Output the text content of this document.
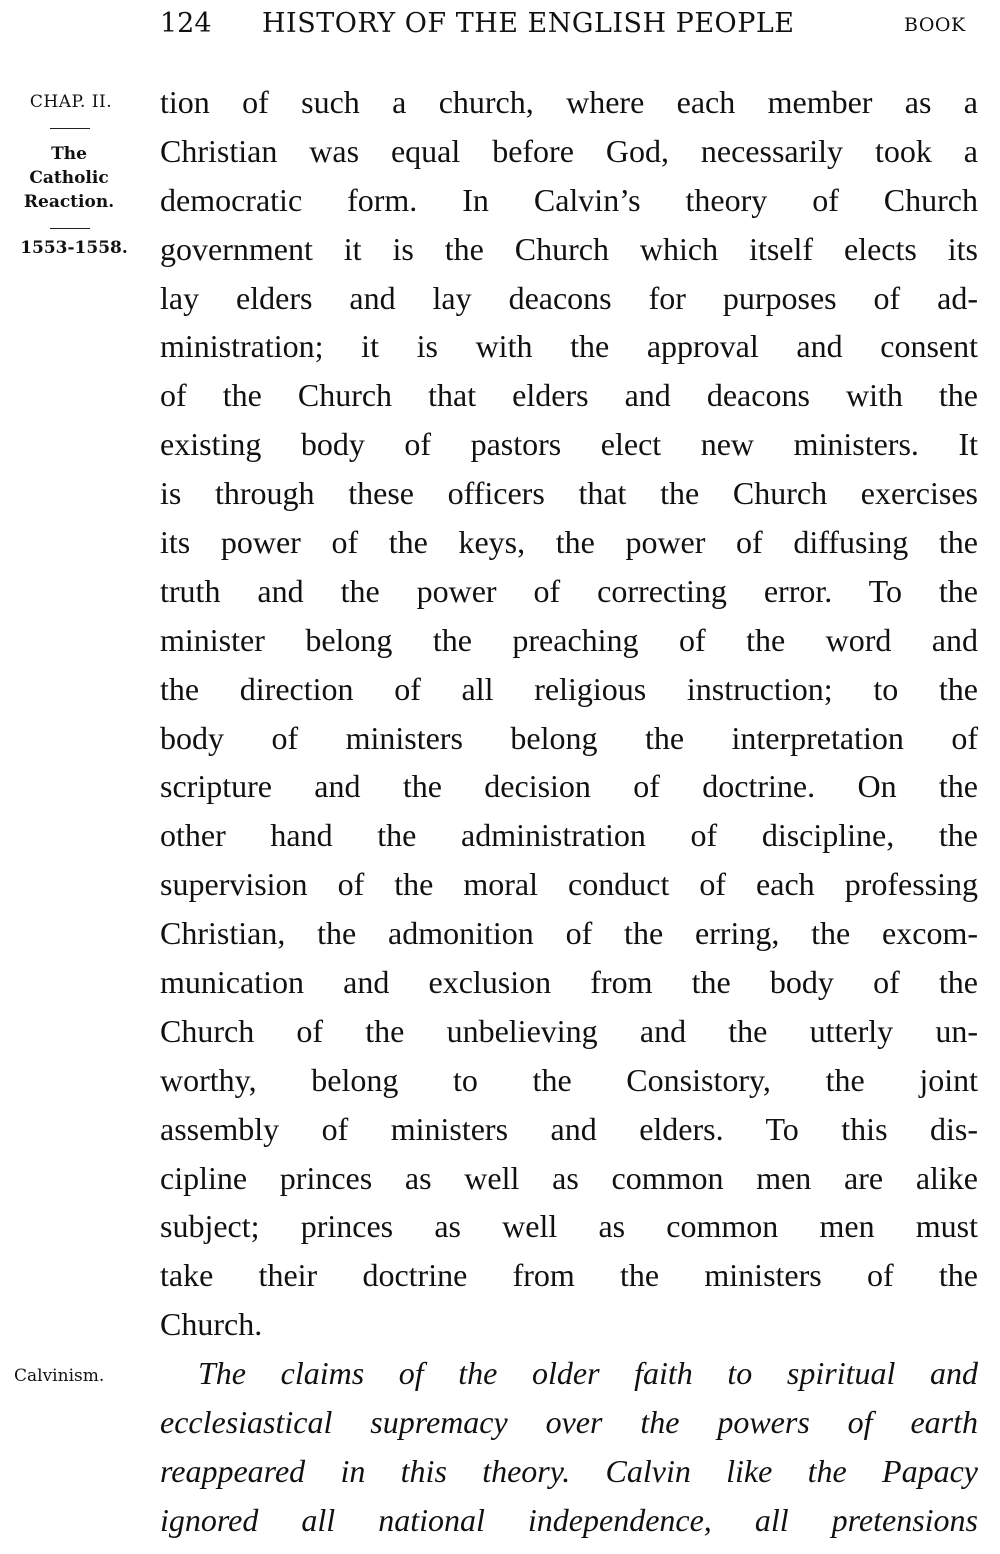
124 HISTORY OF THE ENGLISH PEOPLE	BOOK
CHAP. II.
The
Catholic
Reaction.
1553-1558.
Calvinism.
tion of such a church, where each member as a
Christian was equal before God, necessarily took a
democratic form. In Calvin’s theory of Church
government it is the Church which itself elects its
lay elders and lay deacons for purposes of ad-
ministration; it is with the approval and consent
of the Church that elders and deacons with the
existing body of pastors elect new ministers. It
is through these officers that the Church exercises
its power of the keys, the power of diffusing the
truth and the power of correcting error. To the
minister belong the preaching of the word and
the direction of all religious instruction; to the
body of ministers belong the interpretation of
scripture and the decision of doctrine. On the
other hand the administration of discipline, the
supervision of the moral conduct of each professing
Christian, the admonition of the erring, the excom-
munication and exclusion from the body of the
Church of the unbelieving and the utterly un-
worthy, belong to the Consistory, the joint
assembly of ministers and elders. To this dis-
cipline princes as well as common men are alike
subject; princes as well as common men must
take their doctrine from the ministers of the
Church.
The claims of the older faith to spiritual and
ecclesiastical supremacy over the powers of earth
reappeared in this theory. Calvin like the Papacy
ignored all national independence, all pretensions
